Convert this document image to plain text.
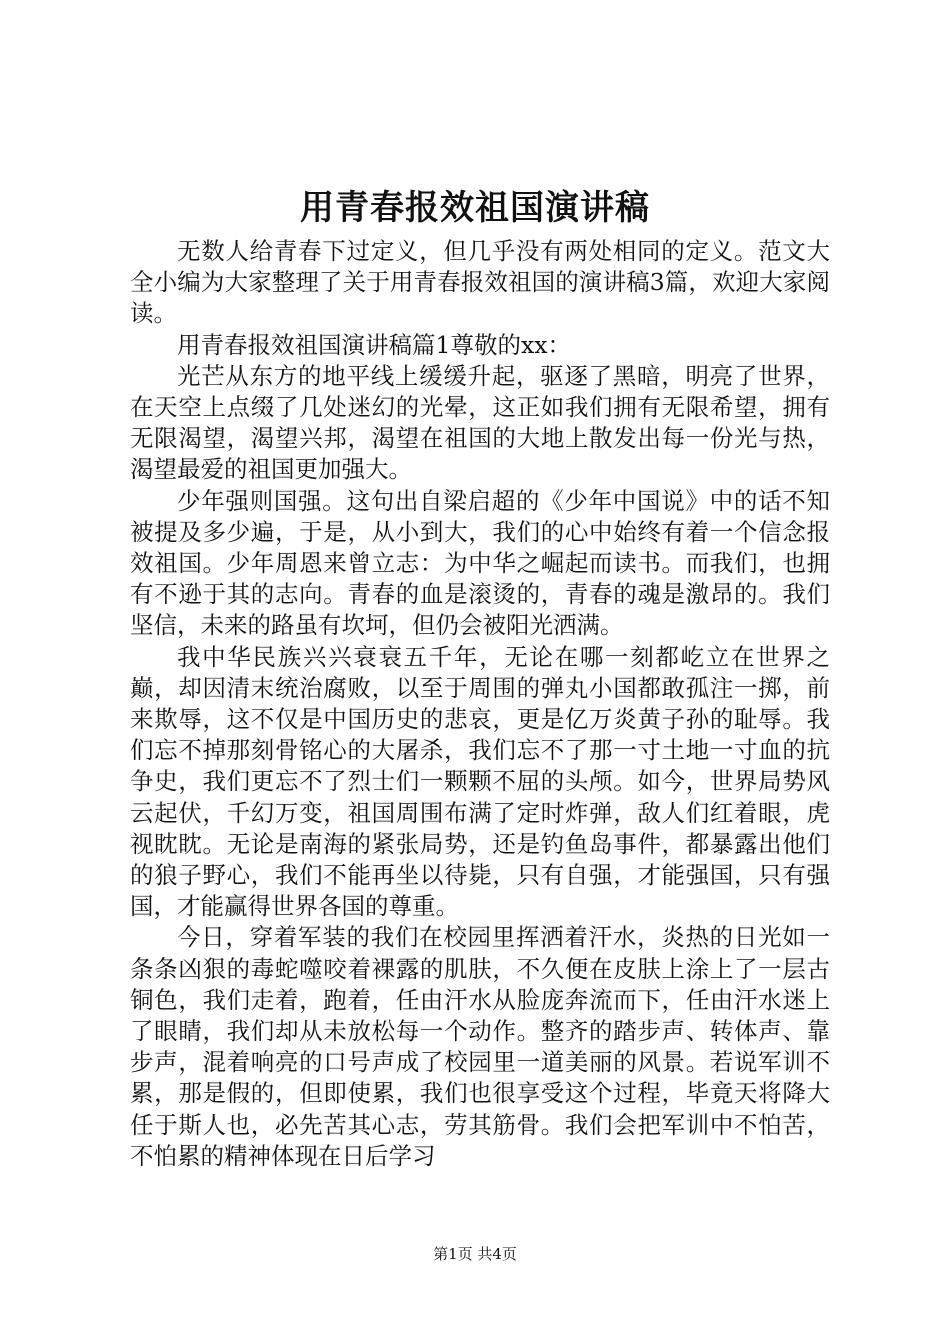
用青春报效祖国演讲稿

无数人给青春下过定义，但几乎没有两处相同的定义。范文大全小编为大家整理了关于用青春报效祖国的演讲稿3篇，欢迎大家阅读。

用青春报效祖国演讲稿篇1尊敬的xx：

光芒从东方的地平线上缓缓升起，驱逐了黑暗，明亮了世界，在天空上点缀了几处迷幻的光晕，这正如我们拥有无限希望，拥有无限渴望，渴望兴邦，渴望在祖国的大地上散发出每一份光与热，渴望最爱的祖国更加强大。

少年强则国强。这句出自梁启超的《少年中国说》中的话不知被提及多少遍，于是，从小到大，我们的心中始终有着一个信念报效祖国。少年周恩来曾立志：为中华之崛起而读书。而我们，也拥有不逊于其的志向。青春的血是滚烫的，青春的魂是激昂的。我们坚信，未来的路虽有坎坷，但仍会被阳光洒满。

我中华民族兴兴衰衰五千年，无论在哪一刻都屹立在世界之巅，却因清末统治腐败，以至于周围的弹丸小国都敢孤注一掷，前来欺辱，这不仅是中国历史的悲哀，更是亿万炎黄子孙的耻辱。我们忘不掉那刻骨铭心的大屠杀，我们忘不了那一寸土地一寸血的抗争史，我们更忘不了烈士们一颗颗不屈的头颅。如今，世界局势风云起伏，千幻万变，祖国周围布满了定时炸弹，敌人们红着眼，虎视眈眈。无论是南海的紧张局势，还是钓鱼岛事件，都暴露出他们的狼子野心，我们不能再坐以待毙，只有自强，才能强国，只有强国，才能赢得世界各国的尊重。

今日，穿着军装的我们在校园里挥洒着汗水，炎热的日光如一条条凶狠的毒蛇噬咬着裸露的肌肤，不久便在皮肤上涂上了一层古铜色，我们走着，跑着，任由汗水从脸庞奔流而下，任由汗水迷上了眼睛，我们却从未放松每一个动作。整齐的踏步声、转体声、靠步声，混着响亮的口号声成了校园里一道美丽的风景。若说军训不累，那是假的，但即使累，我们也很享受这个过程，毕竟天将降大任于斯人也，必先苦其心志，劳其筋骨。我们会把军训中不怕苦，不怕累的精神体现在日后学习

第1页 共4页
